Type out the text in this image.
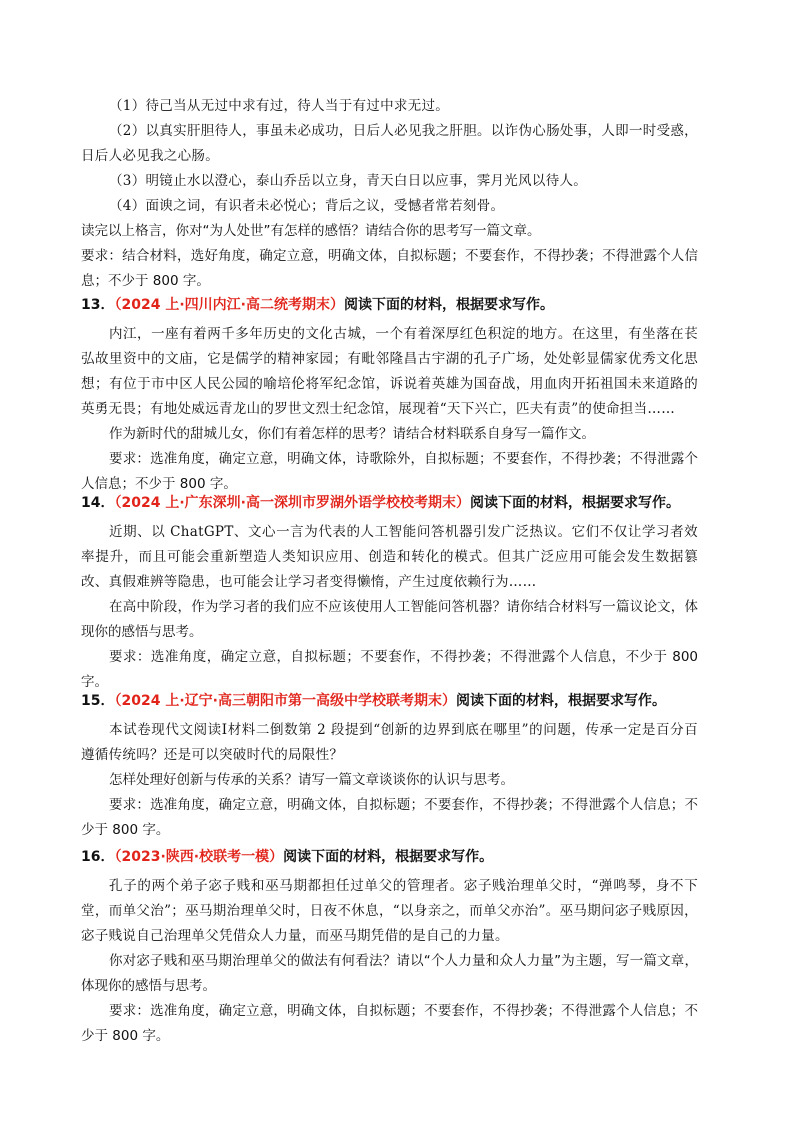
（1）待己当从无过中求有过，待人当于有过中求无过。

（2）以真实肝胆待人，事虽未必成功，日后人必见我之肝胆。以诈伪心肠处事，人即一时受惑，日后人必见我之心肠。

（3）明镜止水以澄心，泰山乔岳以立身，青天白日以应事，霁月光风以待人。

（4）面谀之词，有识者未必悦心；背后之议，受憾者常若刻骨。

读完以上格言，你对“为人处世”有怎样的感悟？请结合你的思考写一篇文章。

要求：结合材料，选好角度，确定立意，明确文体，自拟标题；不要套作，不得抄袭；不得泄露个人信息；不少于 800 字。

13．（2024 上·四川内江·高二统考期末）阅读下面的材料，根据要求写作。

内江，一座有着两千多年历史的文化古城，一个有着深厚红色积淀的地方。在这里，有坐落在苌弘故里资中的文庙，它是儒学的精神家园；有毗邻隆昌古宇湖的孔子广场，处处彰显儒家优秀文化思想；有位于市中区人民公园的喻培伦将军纪念馆，诉说着英雄为国奋战，用血肉开拓祖国未来道路的英勇无畏；有地处威远青龙山的罗世文烈士纪念馆，展现着“天下兴亡，匹夫有责”的使命担当……

作为新时代的甜城儿女，你们有着怎样的思考？请结合材料联系自身写一篇作文。

要求：选准角度，确定立意，明确文体，诗歌除外，自拟标题；不要套作，不得抄袭；不得泄露个人信息；不少于 800 字。

14．（2024 上·广东深圳·高一深圳市罗湖外语学校校考期末）阅读下面的材料，根据要求写作。

近期、以 ChatGPT、文心一言为代表的人工智能问答机器引发广泛热议。它们不仅让学习者效率提升，而且可能会重新塑造人类知识应用、创造和转化的模式。但其广泛应用可能会发生数据篡改、真假难辨等隐患，也可能会让学习者变得懒惰，产生过度依赖行为……

在高中阶段，作为学习者的我们应不应该使用人工智能问答机器？请你结合材料写一篇议论文，体现你的感悟与思考。

要求：选准角度，确定立意，自拟标题；不要套作，不得抄袭；不得泄露个人信息，不少于 800 字。

15．（2024 上·辽宁·高三朝阳市第一高级中学校联考期末）阅读下面的材料，根据要求写作。

本试卷现代文阅读Ⅰ材料二倒数第 2 段提到“创新的边界到底在哪里”的问题，传承一定是百分百遵循传统吗？还是可以突破时代的局限性？

怎样处理好创新与传承的关系？请写一篇文章谈谈你的认识与思考。

要求：选准角度，确定立意，明确文体，自拟标题；不要套作，不得抄袭；不得泄露个人信息；不少于 800 字。

16．（2023·陕西·校联考一模）阅读下面的材料，根据要求写作。

孔子的两个弟子宓子贱和巫马期都担任过单父的管理者。宓子贱治理单父时，“弹鸣琴，身不下堂，而单父治”；巫马期治理单父时，日夜不休息，“以身亲之，而单父亦治”。巫马期问宓子贱原因，宓子贱说自己治理单父凭借众人力量，而巫马期凭借的是自己的力量。

你对宓子贱和巫马期治理单父的做法有何看法？请以“个人力量和众人力量”为主题，写一篇文章，体现你的感悟与思考。

要求：选准角度，确定立意，明确文体，自拟标题；不要套作，不得抄袭；不得泄露个人信息；不少于 800 字。
